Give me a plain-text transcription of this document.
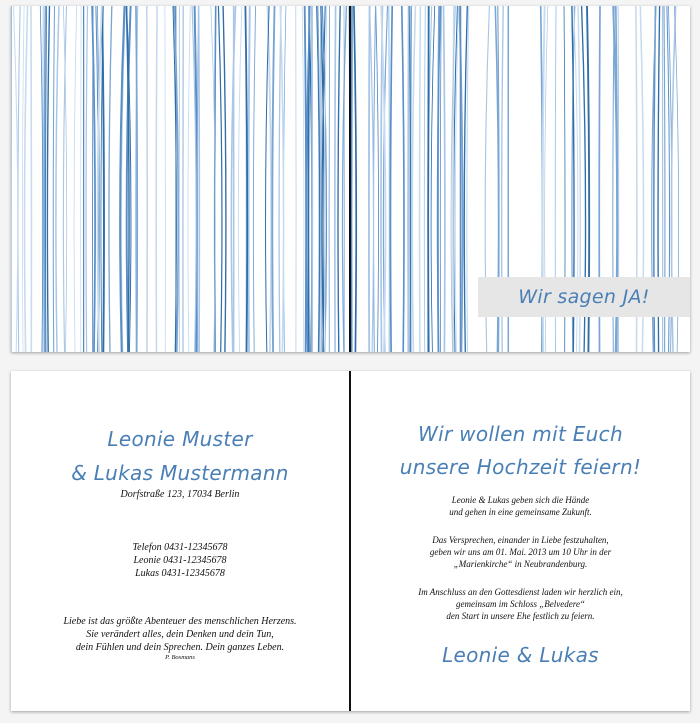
Wir sagen JA!
Leonie Muster
& Lukas Mustermann
Dorfstraße 123, 17034 Berlin
Telefon 0431-12345678
Leonie 0431-12345678
Lukas 0431-12345678
Liebe ist das größte Abenteuer des menschlichen Herzens.
Sie verändert alles, dein Denken und dein Tun,
dein Fühlen und dein Sprechen. Dein ganzes Leben.
P. Bosmans
Wir wollen mit Euch
unsere Hochzeit feiern!
Leonie & Lukas geben sich die Hände
und gehen in eine gemeinsame Zukunft.
Das Versprechen, einander in Liebe festzuhalten,
geben wir uns am 01. Mai. 2013 um 10 Uhr in der
„Marienkirche“ in Neubrandenburg.
Im Anschluss an den Gottesdienst laden wir herzlich ein,
gemeinsam im Schloss „Belvedere“
den Start in unsere Ehe festlich zu feiern.
Leonie & Lukas
